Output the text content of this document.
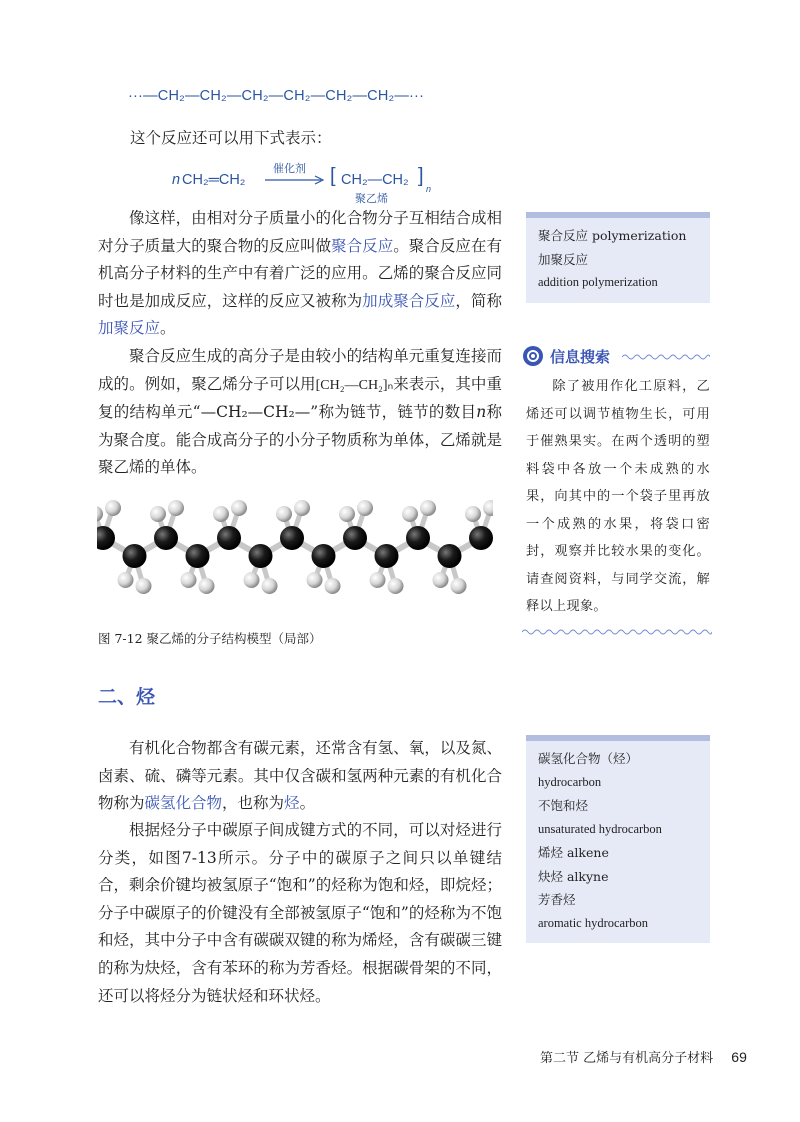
···—CH₂—CH₂—CH₂—CH₂—CH₂—CH₂—···
这个反应还可以用下式表示：
n CH₂═CH₂
催化剂 → [ CH₂—CH₂ ]
n
聚乙烯

像这样，由相对分子质量小的化合物分子互相结合成相对分子质量大的聚合物的反应叫做聚合反应。聚合反应在有机高分子材料的生产中有着广泛的应用。乙烯的聚合反应同时也是加成反应，这样的反应又被称为加成聚合反应，简称加聚反应。

聚合反应生成的高分子是由较小的结构单元重复连接而成的。例如，聚乙烯分子可以用[CH₂—CH₂]ₙ来表示，其中重复的结构单元“—CH₂—CH₂—”称为链节，链节的数目n称为聚合度。能合成高分子的小分子物质称为单体，乙烯就是聚乙烯的单体。

聚合反应 polymerization
加聚反应
addition polymerization
信息搜索
除了被用作化工原料，乙烯还可以调节植物生长，可用于催熟果实。在两个透明的塑料袋中各放一个未成熟的水果，向其中的一个袋子里再放一个成熟的水果，将袋口密封，观察并比较水果的变化。请查阅资料，与同学交流，解释以上现象。
图 7-12 聚乙烯的分子结构模型（局部）
二、烃

有机化合物都含有碳元素，还常含有氢、氧，以及氮、卤素、硫、磷等元素。其中仅含碳和氢两种元素的有机化合物称为碳氢化合物，也称为烃。

根据烃分子中碳原子间成键方式的不同，可以对烃进行分类，如图7-13所示。分子中的碳原子之间只以单键结合，剩余价键均被氢原子“饱和”的烃称为饱和烃，即烷烃；分子中碳原子的价键没有全部被氢原子“饱和”的烃称为不饱和烃，其中分子中含有碳碳双键的称为烯烃，含有碳碳三键的称为炔烃，含有苯环的称为芳香烃。根据碳骨架的不同，还可以将烃分为链状烃和环状烃。

碳氢化合物（烃）
hydrocarbon
不饱和烃
unsaturated hydrocarbon
烯烃 alkene
炔烃 alkyne
芳香烃
aromatic hydrocarbon
第二节 乙烯与有机高分子材料 69
